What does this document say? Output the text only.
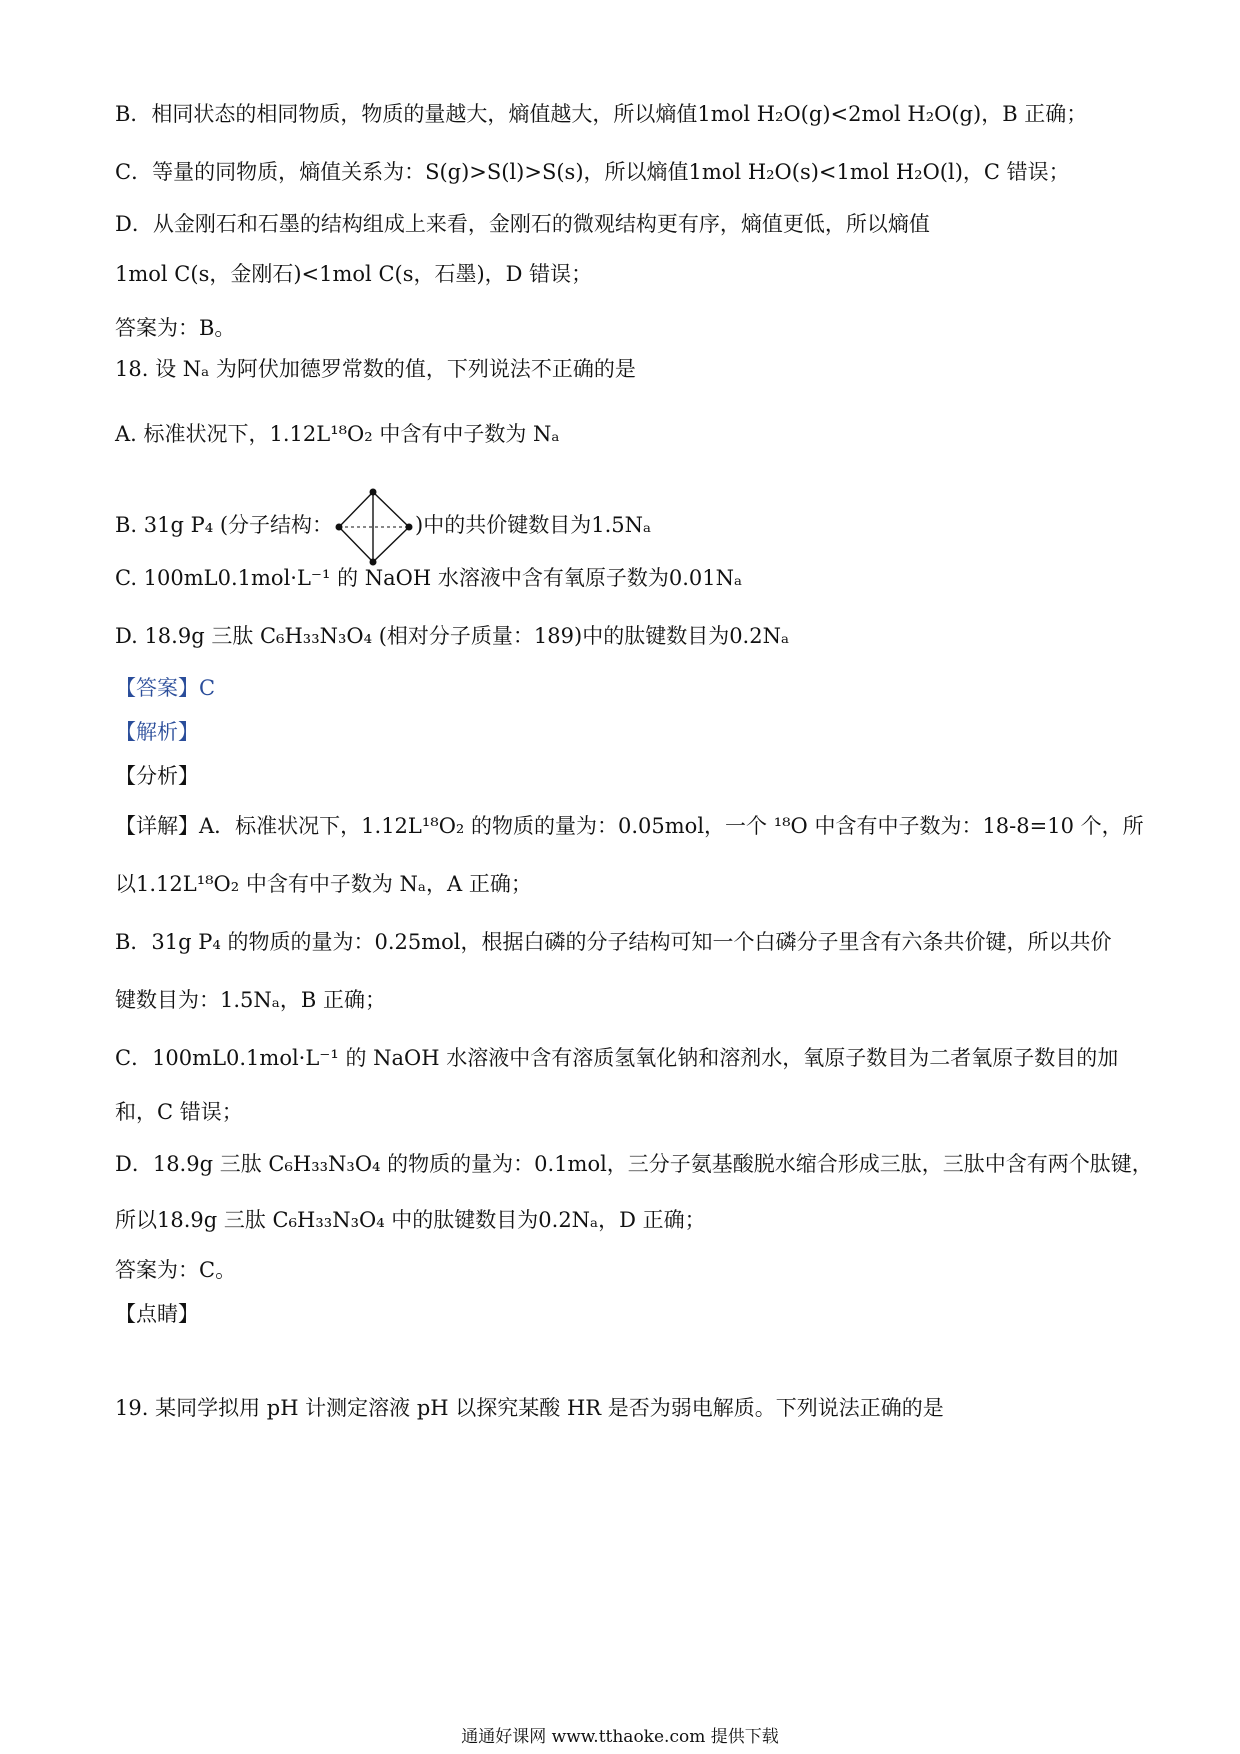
B．相同状态的相同物质，物质的量越大，熵值越大，所以熵值1mol H₂O(g)<2mol H₂O(g)，B 正确；
C．等量的同物质，熵值关系为：S(g)>S(l)>S(s)，所以熵值1mol H₂O(s)<1mol H₂O(l)，C 错误；
D．从金刚石和石墨的结构组成上来看，金刚石的微观结构更有序，熵值更低，所以熵值
1mol C(s，金刚石)<1mol C(s，石墨)，D 错误；
答案为：B。
18. 设 Nₐ 为阿伏加德罗常数的值，下列说法不正确的是
A. 标准状况下，1.12L¹⁸O₂ 中含有中子数为 Nₐ
B. 31g P₄ (分子结构：	)中的共价键数目为1.5Nₐ
C. 100mL0.1mol·L⁻¹ 的 NaOH 水溶液中含有氧原子数为0.01Nₐ
D. 18.9g 三肽 C₆H₃₃N₃O₄ (相对分子质量：189)中的肽键数目为0.2Nₐ
【答案】C
【解析】
【分析】
【详解】A．标准状况下，1.12L¹⁸O₂ 的物质的量为：0.05mol，一个 ¹⁸O 中含有中子数为：18-8=10 个，所
以1.12L¹⁸O₂ 中含有中子数为 Nₐ，A 正确；
B．31g P₄ 的物质的量为：0.25mol，根据白磷的分子结构可知一个白磷分子里含有六条共价键，所以共价
键数目为：1.5Nₐ，B 正确；
C．100mL0.1mol·L⁻¹ 的 NaOH 水溶液中含有溶质氢氧化钠和溶剂水，氧原子数目为二者氧原子数目的加
和，C 错误；
D．18.9g 三肽 C₆H₃₃N₃O₄ 的物质的量为：0.1mol，三分子氨基酸脱水缩合形成三肽，三肽中含有两个肽键，
所以18.9g 三肽 C₆H₃₃N₃O₄ 中的肽键数目为0.2Nₐ，D 正确；
答案为：C。
【点睛】
19. 某同学拟用 pH 计测定溶液 pH 以探究某酸 HR 是否为弱电解质。下列说法正确的是
通通好课网 www.tthaoke.com 提供下载
